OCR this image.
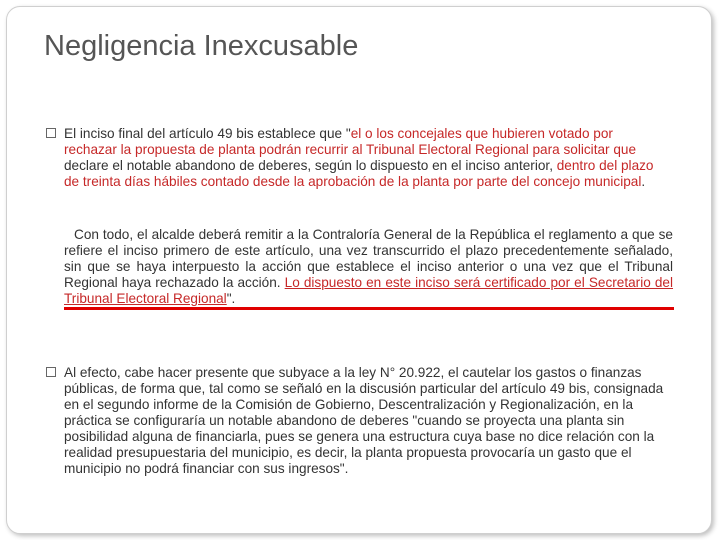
Negligencia Inexcusable
El inciso final del artículo 49 bis establece que "el o los concejales que hubieren votado por rechazar la propuesta de planta podrán recurrir al Tribunal Electoral Regional para solicitar que declare el notable abandono de deberes, según lo dispuesto en el inciso anterior, dentro del plazo de treinta días hábiles contado desde la aprobación de la planta por parte del concejo municipal.
Con todo, el alcalde deberá remitir a la Contraloría General de la República el reglamento a que se refiere el inciso primero de este artículo, una vez transcurrido el plazo precedentemente señalado, sin que se haya interpuesto la acción que establece el inciso anterior o una vez que el Tribunal Regional haya rechazado la acción. Lo dispuesto en este inciso será certificado por el Secretario del Tribunal Electoral Regional".
Al efecto, cabe hacer presente que subyace a la ley N° 20.922, el cautelar los gastos o finanzas públicas, de forma que, tal como se señaló en la discusión particular del artículo 49 bis, consignada en el segundo informe de la Comisión de Gobierno, Descentralización y Regionalización, en la práctica se configuraría un notable abandono de deberes "cuando se proyecta una planta sin posibilidad alguna de financiarla, pues se genera una estructura cuya base no dice relación con la realidad presupuestaria del municipio, es decir, la planta propuesta provocaría un gasto que el municipio no podrá financiar con sus ingresos".
